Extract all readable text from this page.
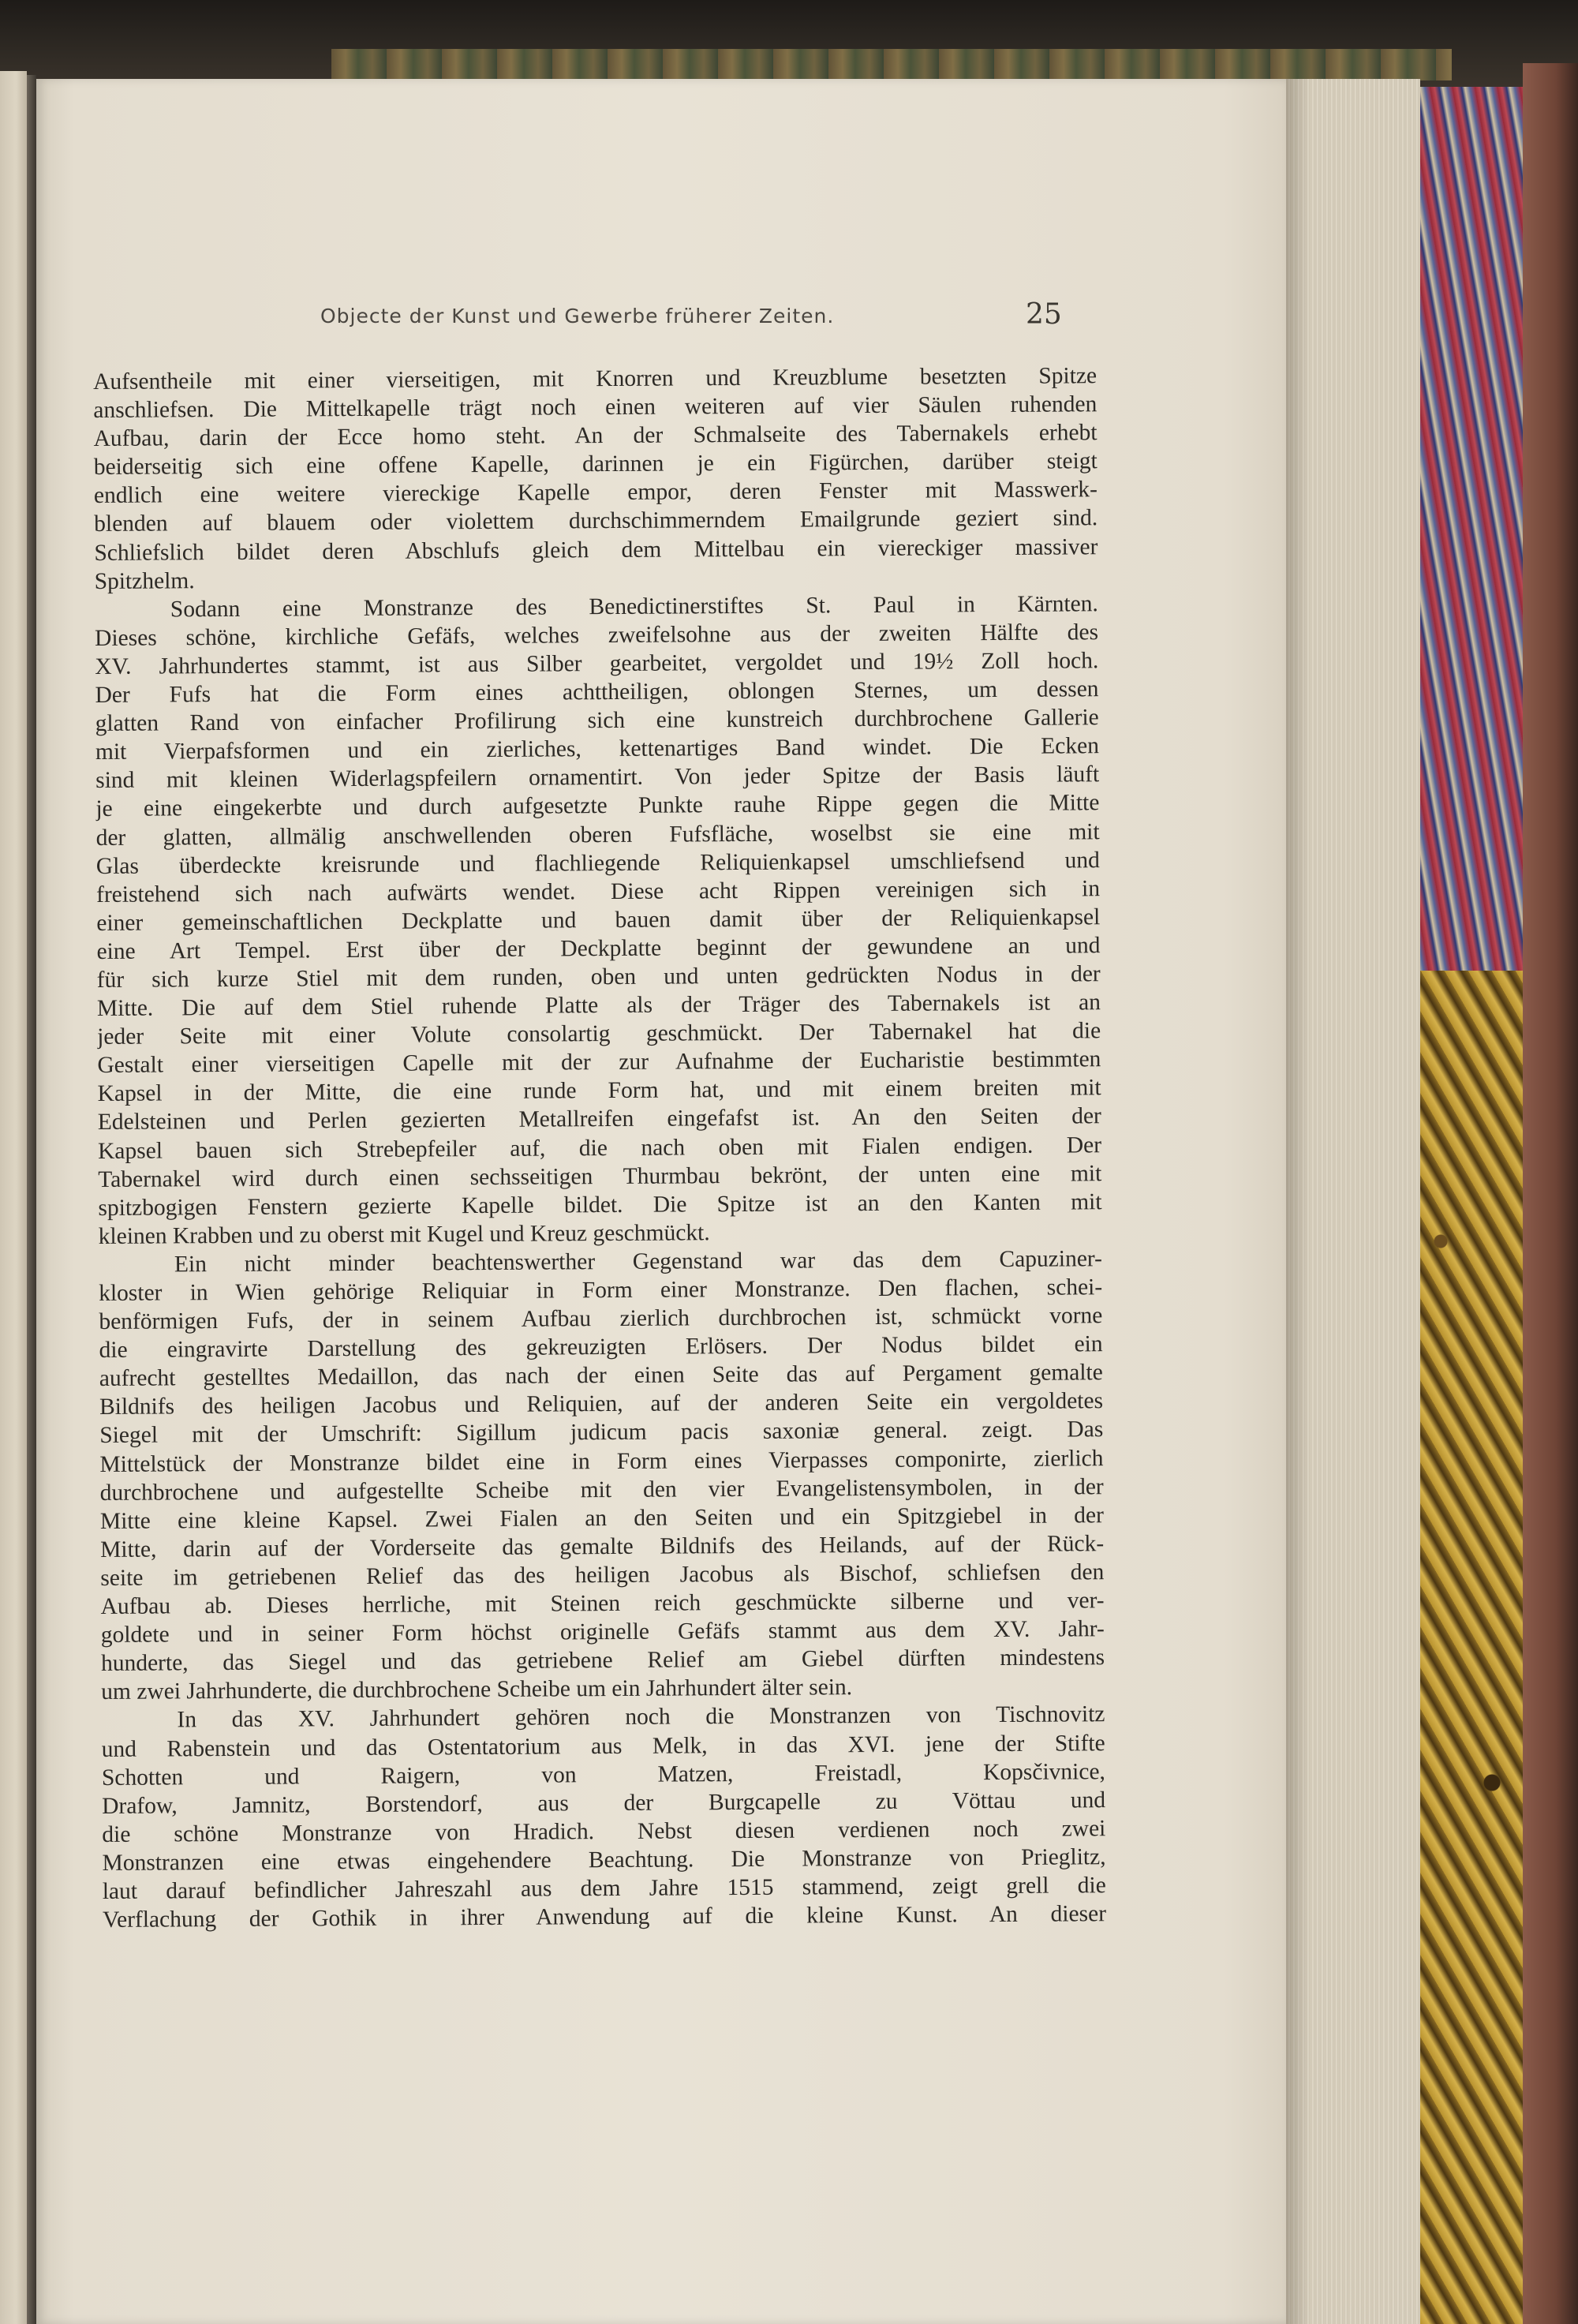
Objecte der Kunst und Gewerbe früherer Zeiten.	25
Aufsentheile mit einer vierseitigen, mit Knorren und Kreuzblume besetzten Spitze
anschliefsen. Die Mittelkapelle trägt noch einen weiteren auf vier Säulen ruhenden
Aufbau, darin der Ecce homo steht. An der Schmalseite des Tabernakels erhebt
beiderseitig sich eine offene Kapelle, darinnen je ein Figürchen, darüber steigt
endlich eine weitere viereckige Kapelle empor, deren Fenster mit Masswerk-
blenden auf blauem oder violettem durchschimmerndem Emailgrunde geziert sind.
Schliefslich bildet deren Abschlufs gleich dem Mittelbau ein viereckiger massiver
Spitzhelm.
Sodann eine Monstranze des Benedictinerstiftes St. Paul in Kärnten.
Dieses schöne, kirchliche Gefäfs, welches zweifelsohne aus der zweiten Hälfte des
XV. Jahrhundertes stammt, ist aus Silber gearbeitet, vergoldet und 19½ Zoll hoch.
Der Fufs hat die Form eines achttheiligen, oblongen Sternes, um dessen
glatten Rand von einfacher Profilirung sich eine kunstreich durchbrochene Gallerie
mit Vierpafsformen und ein zierliches, kettenartiges Band windet. Die Ecken
sind mit kleinen Widerlagspfeilern ornamentirt. Von jeder Spitze der Basis läuft
je eine eingekerbte und durch aufgesetzte Punkte rauhe Rippe gegen die Mitte
der glatten, allmälig anschwellenden oberen Fufsfläche, woselbst sie eine mit
Glas überdeckte kreisrunde und flachliegende Reliquienkapsel umschliefsend und
freistehend sich nach aufwärts wendet. Diese acht Rippen vereinigen sich in
einer gemeinschaftlichen Deckplatte und bauen damit über der Reliquienkapsel
eine Art Tempel. Erst über der Deckplatte beginnt der gewundene an und
für sich kurze Stiel mit dem runden, oben und unten gedrückten Nodus in der
Mitte. Die auf dem Stiel ruhende Platte als der Träger des Tabernakels ist an
jeder Seite mit einer Volute consolartig geschmückt. Der Tabernakel hat die
Gestalt einer vierseitigen Capelle mit der zur Aufnahme der Eucharistie bestimmten
Kapsel in der Mitte, die eine runde Form hat, und mit einem breiten mit
Edelsteinen und Perlen gezierten Metallreifen eingefafst ist. An den Seiten der
Kapsel bauen sich Strebepfeiler auf, die nach oben mit Fialen endigen. Der
Tabernakel wird durch einen sechsseitigen Thurmbau bekrönt, der unten eine mit
spitzbogigen Fenstern gezierte Kapelle bildet. Die Spitze ist an den Kanten mit
kleinen Krabben und zu oberst mit Kugel und Kreuz geschmückt.
Ein nicht minder beachtenswerther Gegenstand war das dem Capuziner-
kloster in Wien gehörige Reliquiar in Form einer Monstranze. Den flachen, schei-
benförmigen Fufs, der in seinem Aufbau zierlich durchbrochen ist, schmückt vorne
die eingravirte Darstellung des gekreuzigten Erlösers. Der Nodus bildet ein
aufrecht gestelltes Medaillon, das nach der einen Seite das auf Pergament gemalte
Bildnifs des heiligen Jacobus und Reliquien, auf der anderen Seite ein vergoldetes
Siegel mit der Umschrift: Sigillum judicum pacis saxoniæ general. zeigt. Das
Mittelstück der Monstranze bildet eine in Form eines Vierpasses componirte, zierlich
durchbrochene und aufgestellte Scheibe mit den vier Evangelistensymbolen, in der
Mitte eine kleine Kapsel. Zwei Fialen an den Seiten und ein Spitzgiebel in der
Mitte, darin auf der Vorderseite das gemalte Bildnifs des Heilands, auf der Rück-
seite im getriebenen Relief das des heiligen Jacobus als Bischof, schliefsen den
Aufbau ab. Dieses herrliche, mit Steinen reich geschmückte silberne und ver-
goldete und in seiner Form höchst originelle Gefäfs stammt aus dem XV. Jahr-
hunderte, das Siegel und das getriebene Relief am Giebel dürften mindestens
um zwei Jahrhunderte, die durchbrochene Scheibe um ein Jahrhundert älter sein.
In das XV. Jahrhundert gehören noch die Monstranzen von Tischnovitz
und Rabenstein und das Ostentatorium aus Melk, in das XVI. jene der Stifte
Schotten und Raigern, von Matzen, Freistadl, Kopsčivnice,
Drafow, Jamnitz, Borstendorf, aus der Burgcapelle zu Vöttau und
die schöne Monstranze von Hradich. Nebst diesen verdienen noch zwei
Monstranzen eine etwas eingehendere Beachtung. Die Monstranze von Prieglitz,
laut darauf befindlicher Jahreszahl aus dem Jahre 1515 stammend, zeigt grell die
Verflachung der Gothik in ihrer Anwendung auf die kleine Kunst. An dieser
